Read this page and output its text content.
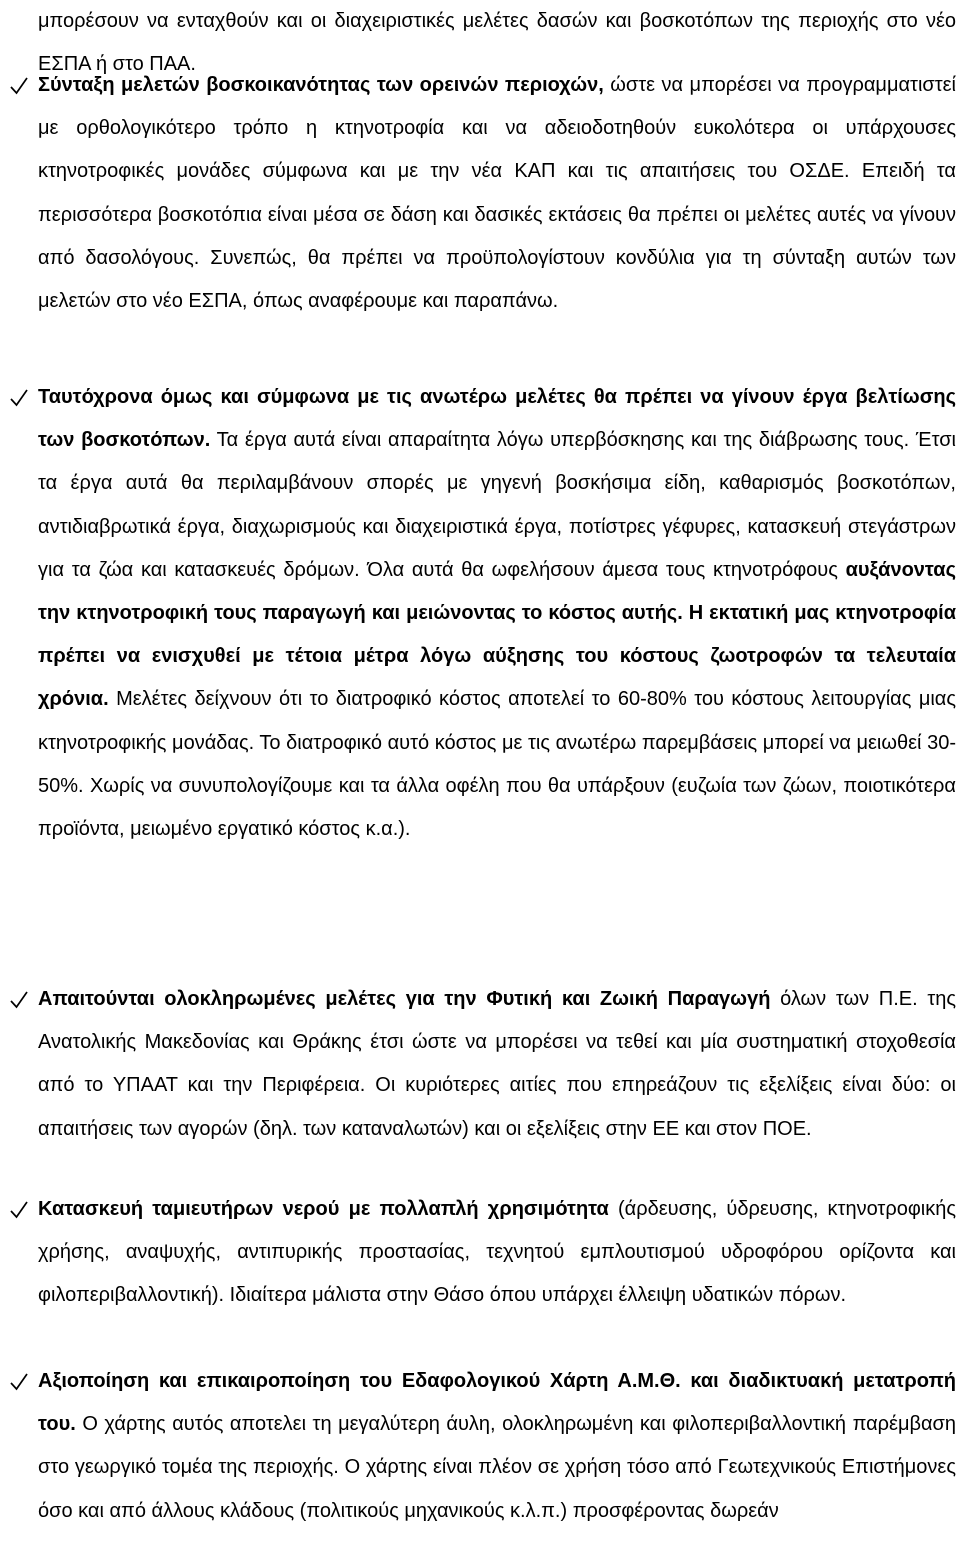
μπορέσουν να ενταχθούν και οι διαχειριστικές μελέτες δασών και βοσκοτόπων της περιοχής στο νέο ΕΣΠΑ ή στο ΠΑΑ.
Σύνταξη μελετών βοσκοικανότητας των ορεινών περιοχών, ώστε να μπορέσει να προγραμματιστεί με ορθολογικότερο τρόπο η κτηνοτροφία και να αδειοδοτηθούν ευκολότερα οι υπάρχουσες κτηνοτροφικές μονάδες σύμφωνα και με την νέα ΚΑΠ και τις απαιτήσεις του ΟΣΔΕ. Επειδή τα περισσότερα βοσκοτόπια είναι μέσα σε δάση και δασικές εκτάσεις θα πρέπει οι μελέτες αυτές να γίνουν από δασολόγους. Συνεπώς, θα πρέπει να προϋπολογίστουν κονδύλια για τη σύνταξη αυτών των μελετών στο νέο ΕΣΠΑ, όπως αναφέρουμε και παραπάνω.
Ταυτόχρονα όμως και σύμφωνα με τις ανωτέρω μελέτες θα πρέπει να γίνουν έργα βελτίωσης των βοσκοτόπων. Τα έργα αυτά είναι απαραίτητα λόγω υπερβόσκησης και της διάβρωσης τους. Έτσι τα έργα αυτά θα περιλαμβάνουν σπορές με γηγενή βοσκήσιμα είδη, καθαρισμός βοσκοτόπων, αντιδιαβρωτικά έργα, διαχωρισμούς και διαχειριστικά έργα, ποτίστρες γέφυρες, κατασκευή στεγάστρων για τα ζώα και κατασκευές δρόμων. Όλα αυτά θα ωφελήσουν άμεσα τους κτηνοτρόφους αυξάνοντας την κτηνοτροφική τους παραγωγή και μειώνοντας το κόστος αυτής. Η εκτατική μας κτηνοτροφία πρέπει να ενισχυθεί με τέτοια μέτρα λόγω αύξησης του κόστους ζωοτροφών τα τελευταία χρόνια. Μελέτες δείχνουν ότι το διατροφικό κόστος αποτελεί το 60-80% του κόστους λειτουργίας μιας κτηνοτροφικής μονάδας. Το διατροφικό αυτό κόστος με τις ανωτέρω παρεμβάσεις μπορεί να μειωθεί 30-50%. Χωρίς να συνυπολογίζουμε και τα άλλα οφέλη που θα υπάρξουν (ευζωία των ζώων, ποιοτικότερα προϊόντα, μειωμένο εργατικό κόστος κ.α.).
Απαιτούνται ολοκληρωμένες μελέτες για την Φυτική και Ζωική Παραγωγή όλων των Π.Ε. της Ανατολικής Μακεδονίας και Θράκης έτσι ώστε να μπορέσει να τεθεί και μία συστηματική στοχοθεσία από το ΥΠΑΑΤ και την Περιφέρεια. Οι κυριότερες αιτίες που επηρεάζουν τις εξελίξεις είναι δύο: οι απαιτήσεις των αγορών (δηλ. των καταναλωτών) και οι εξελίξεις στην ΕΕ και στον ΠΟΕ.
Κατασκευή ταμιευτήρων νερού με πολλαπλή χρησιμότητα (άρδευσης, ύδρευσης, κτηνοτροφικής χρήσης, αναψυχής, αντιπυρικής προστασίας, τεχνητού εμπλουτισμού υδροφόρου ορίζοντα και φιλοπεριβαλλοντική). Ιδιαίτερα μάλιστα στην Θάσο όπου υπάρχει έλλειψη υδατικών πόρων.
Αξιοποίηση και επικαιροποίηση του Εδαφολογικού Χάρτη Α.Μ.Θ. και διαδικτυακή μετατροπή του. Ο χάρτης αυτός αποτελει τη μεγαλύτερη άυλη, ολοκληρωμένη και φιλοπεριβαλλοντική παρέμβαση στο γεωργικό τομέα της περιοχής. Ο χάρτης είναι πλέον σε χρήση τόσο από Γεωτεχνικούς Επιστήμονες όσο και από άλλους κλάδους (πολιτικούς μηχανικούς κ.λ.π.) προσφέροντας δωρεάν
